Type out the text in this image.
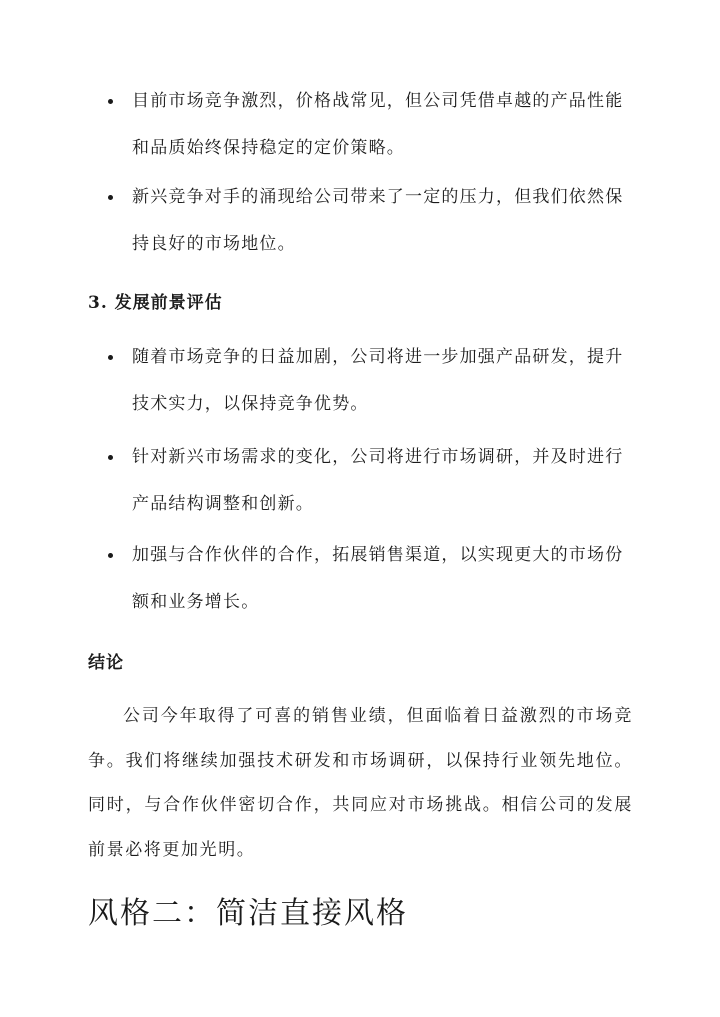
目前市场竞争激烈，价格战常见，但公司凭借卓越的产品性能和品质始终保持稳定的定价策略。
新兴竞争对手的涌现给公司带来了一定的压力，但我们依然保持良好的市场地位。
3. 发展前景评估
随着市场竞争的日益加剧，公司将进一步加强产品研发，提升技术实力，以保持竞争优势。
针对新兴市场需求的变化，公司将进行市场调研，并及时进行产品结构调整和创新。
加强与合作伙伴的合作，拓展销售渠道，以实现更大的市场份额和业务增长。
结论
公司今年取得了可喜的销售业绩，但面临着日益激烈的市场竞争。我们将继续加强技术研发和市场调研，以保持行业领先地位。同时，与合作伙伴密切合作，共同应对市场挑战。相信公司的发展前景必将更加光明。
风格二：简洁直接风格
